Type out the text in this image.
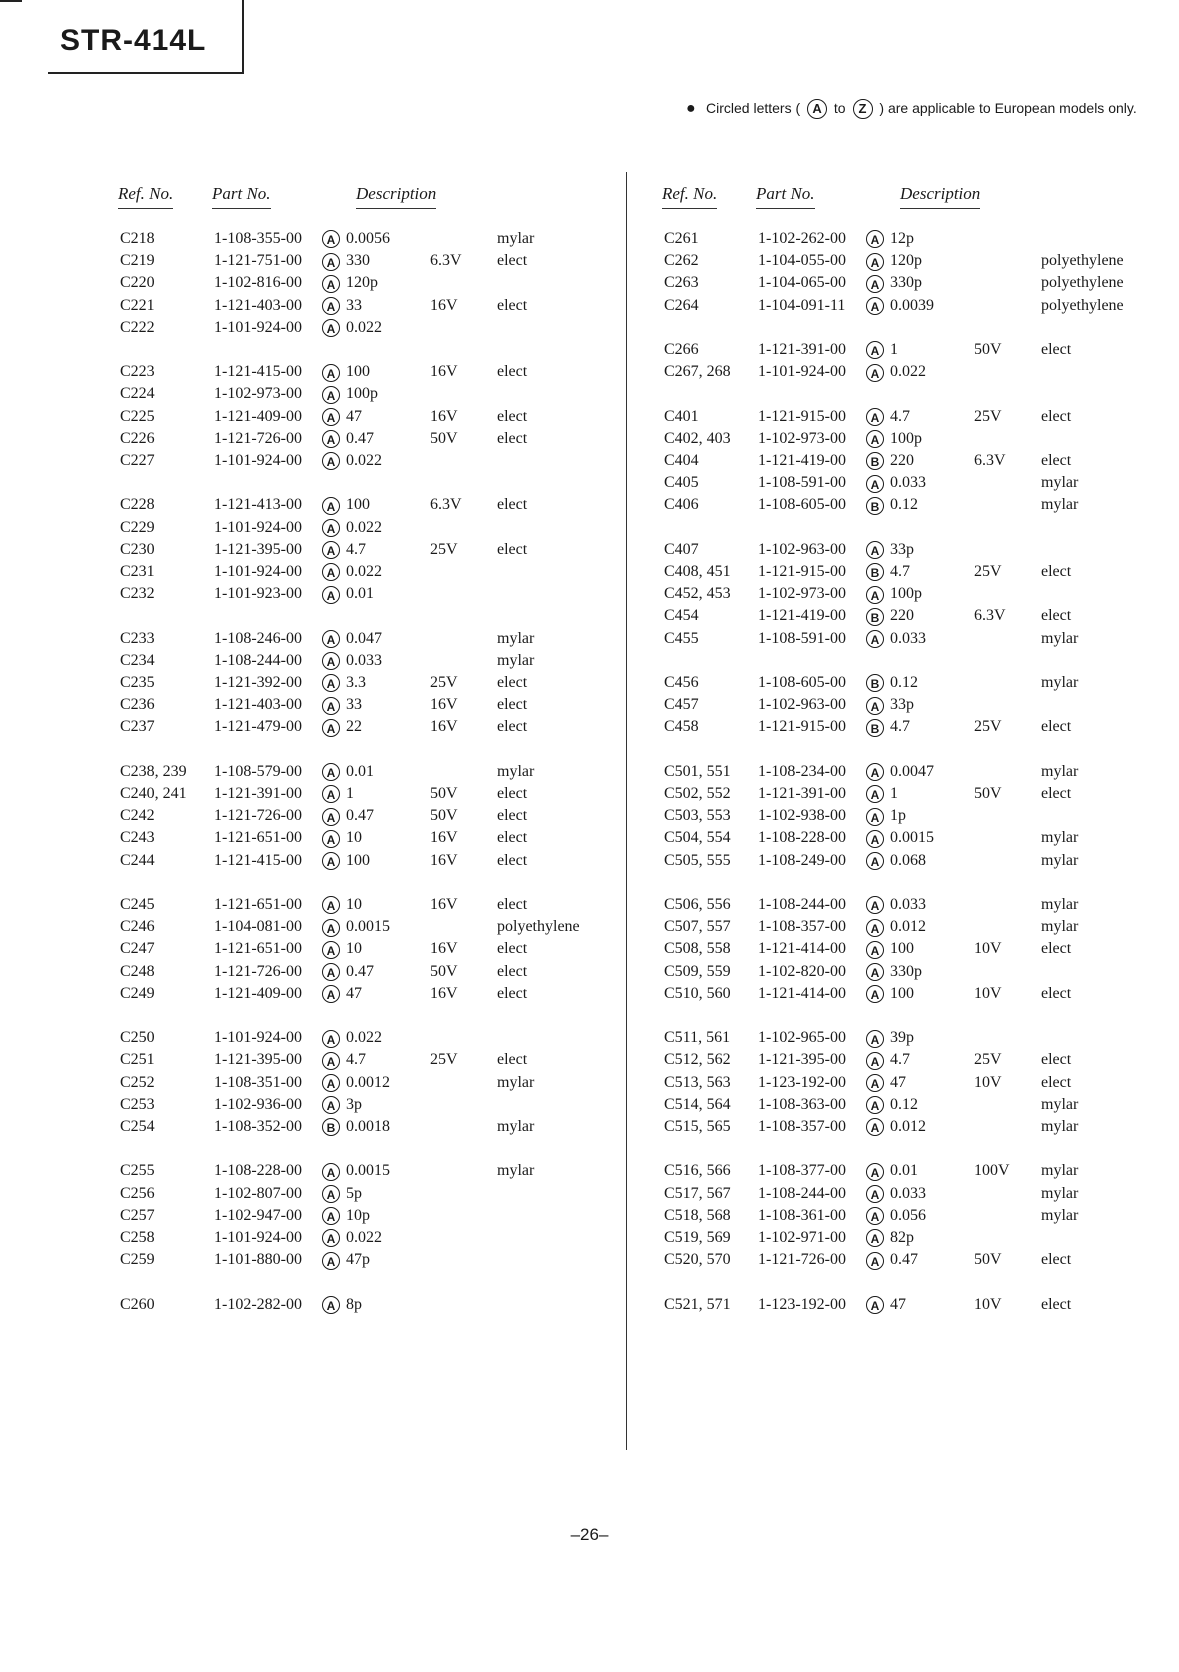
STR-414L
● Circled letters ( A to Z ) are applicable to European models only.
Ref. No. Part No.	Description
C218	1-108-355-00	A 0.0056	mylar
C219	1-121-751-00	A 330	6.3V elect
C220	1-102-816-00	A 120p
C221	1-121-403-00	A 33	16V elect
C222	1-101-924-00	A 0.022
C223	1-121-415-00	A 100	16V elect
C224	1-102-973-00	A 100p
C225	1-121-409-00	A 47	16V elect
C226	1-121-726-00	A 0.47	50V elect
C227	1-101-924-00	A 0.022
C228	1-121-413-00	A 100	6.3V elect
C229	1-101-924-00	A 0.022
C230	1-121-395-00	A 4.7	25V elect
C231	1-101-924-00	A 0.022
C232	1-101-923-00	A 0.01
C233	1-108-246-00	A 0.047	mylar
C234	1-108-244-00	A 0.033	mylar
C235	1-121-392-00	A 3.3	25V elect
C236	1-121-403-00	A 33	16V elect
C237	1-121-479-00	A 22	16V elect
C238, 239 1-108-579-00	A 0.01	mylar
C240, 241 1-121-391-00	A 1	50V elect
C242	1-121-726-00	A 0.47	50V elect
C243	1-121-651-00	A 10	16V elect
C244	1-121-415-00	A 100	16V elect
C245	1-121-651-00	A 10	16V elect
C246	1-104-081-00	A 0.0015	polyethylene
C247	1-121-651-00	A 10	16V elect
C248	1-121-726-00	A 0.47	50V elect
C249	1-121-409-00	A 47	16V elect
C250	1-101-924-00	A 0.022
C251	1-121-395-00	A 4.7	25V elect
C252	1-108-351-00	A 0.0012	mylar
C253	1-102-936-00	A 3p
C254	1-108-352-00	B 0.0018	mylar
C255	1-108-228-00	A 0.0015	mylar
C256	1-102-807-00	A 5p
C257	1-102-947-00	A 10p
C258	1-101-924-00	A 0.022
C259	1-101-880-00	A 47p
C260	1-102-282-00	A 8p
Ref. No. Part No.	Description
C261	1-102-262-00	A 12p
C262	1-104-055-00	A 120p	polyethylene
C263	1-104-065-00	A 330p	polyethylene
C264	1-104-091-11	A 0.0039	polyethylene
C266	1-121-391-00	A 1	50V elect
C267, 268 1-101-924-00	A 0.022
C401	1-121-915-00	A 4.7	25V elect
C402, 403 1-102-973-00	A 100p
C404	1-121-419-00	B 220	6.3V elect
C405	1-108-591-00	A 0.033	mylar
C406	1-108-605-00	B 0.12	mylar
C407	1-102-963-00	A 33p
C408, 451 1-121-915-00	B 4.7	25V elect
C452, 453 1-102-973-00	A 100p
C454	1-121-419-00	B 220	6.3V elect
C455	1-108-591-00	A 0.033	mylar
C456	1-108-605-00	B 0.12	mylar
C457	1-102-963-00	A 33p
C458	1-121-915-00	B 4.7	25V elect
C501, 551 1-108-234-00	A 0.0047	mylar
C502, 552 1-121-391-00	A 1	50V elect
C503, 553 1-102-938-00	A 1p
C504, 554 1-108-228-00	A 0.0015	mylar
C505, 555 1-108-249-00	A 0.068	mylar
C506, 556 1-108-244-00	A 0.033	mylar
C507, 557 1-108-357-00	A 0.012	mylar
C508, 558 1-121-414-00	A 100	10V elect
C509, 559 1-102-820-00	A 330p
C510, 560 1-121-414-00	A 100	10V elect
C511, 561 1-102-965-00	A 39p
C512, 562 1-121-395-00	A 4.7	25V elect
C513, 563 1-123-192-00	A 47	10V elect
C514, 564 1-108-363-00	A 0.12	mylar
C515, 565 1-108-357-00	A 0.012	mylar
C516, 566 1-108-377-00	A 0.01	100V mylar
C517, 567 1-108-244-00	A 0.033	mylar
C518, 568 1-108-361-00	A 0.056	mylar
C519, 569 1-102-971-00	A 82p
C520, 570 1-121-726-00	A 0.47	50V elect
C521, 571 1-123-192-00	A 47	10V elect
–26–
